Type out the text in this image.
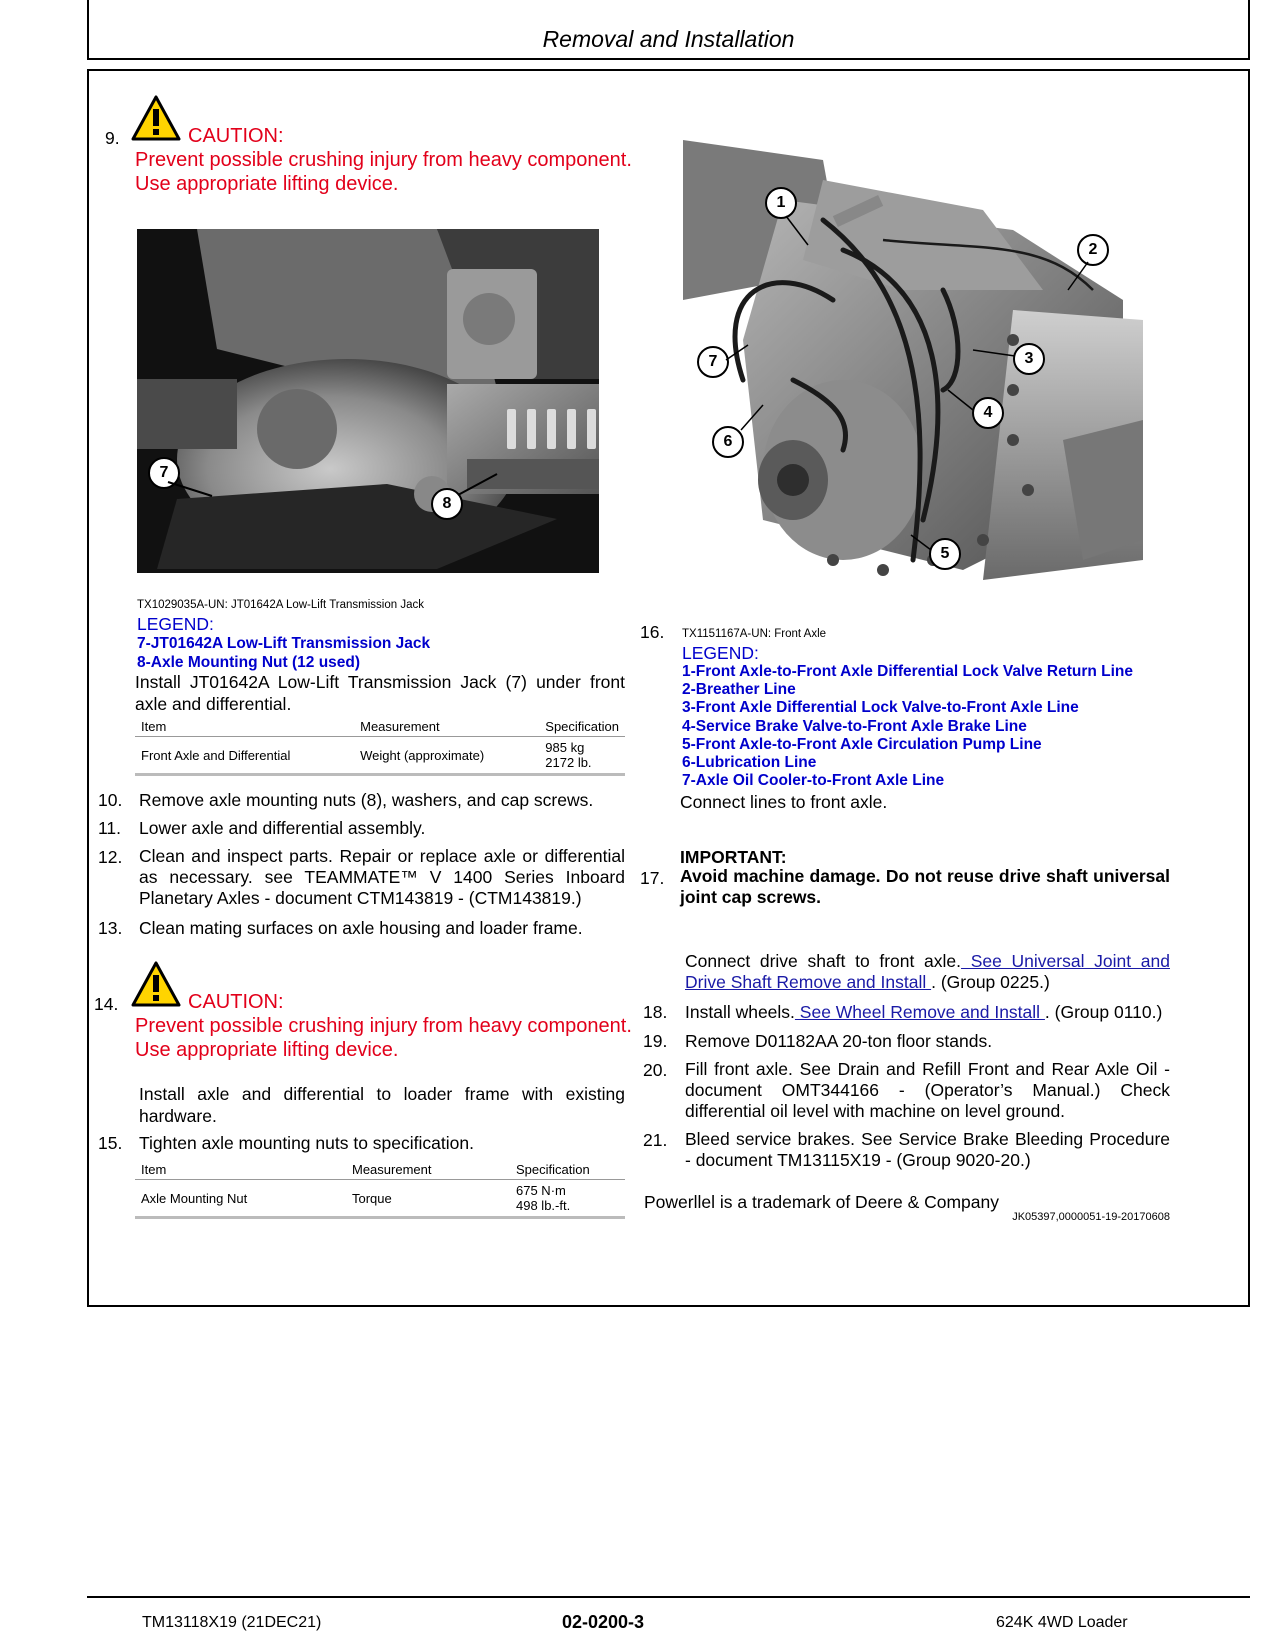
Removal and Installation
9.	CAUTION:
Prevent possible crushing injury from heavy component.
Use appropriate lifting device.
7
8
TX1029035A-UN: JT01642A Low-Lift Transmission Jack
LEGEND:
7-JT01642A Low-Lift Transmission Jack
8-Axle Mounting Nut (12 used)
Install JT01642A Low-Lift Transmission Jack (7) under front axle and differential.
Item	Measurement	Specification
Front Axle and Differential	Weight (approximate)	985 kg
2172 lb.
10. Remove axle mounting nuts (8), washers, and cap screws.
11. Lower axle and differential assembly.
12. Clean and inspect parts. Repair or replace axle or differential as necessary. see TEAMMATE™ V 1400 Series Inboard Planetary Axles - document CTM143819 - (CTM143819.)
13. Clean mating surfaces on axle housing and loader frame.
14.	CAUTION:
Prevent possible crushing injury from heavy component.
Use appropriate lifting device.
Install axle and differential to loader frame with existing hardware.
15. Tighten axle mounting nuts to specification.
Item	Measurement	Specification
Axle Mounting Nut	Torque	675 N·m
498 lb.-ft.
1
2
3
4
5
6
7
16. TX1151167A-UN: Front Axle
LEGEND:
1-Front Axle-to-Front Axle Differential Lock Valve Return Line
2-Breather Line
3-Front Axle Differential Lock Valve-to-Front Axle Line
4-Service Brake Valve-to-Front Axle Brake Line
5-Front Axle-to-Front Axle Circulation Pump Line
6-Lubrication Line
7-Axle Oil Cooler-to-Front Axle Line
Connect lines to front axle.
IMPORTANT:
17. Avoid machine damage. Do not reuse drive shaft universal joint cap screws.
Connect drive shaft to front axle. See Universal Joint and Drive Shaft Remove and Install . (Group 0225.)
18. Install wheels. See Wheel Remove and Install . (Group 0110.)
19. Remove D01182AA 20-ton floor stands.
20. Fill front axle. See Drain and Refill Front and Rear Axle Oil - document OMT344166 - (Operator’s Manual.) Check differential oil level with machine on level ground.
21. Bleed service brakes. See Service Brake Bleeding Procedure - document TM13115X19 - (Group 9020-20.)
Powerllel is a trademark of Deere & Company
JK05397,0000051-19-20170608
TM13118X19 (21DEC21)	02-0200-3	624K 4WD Loader
